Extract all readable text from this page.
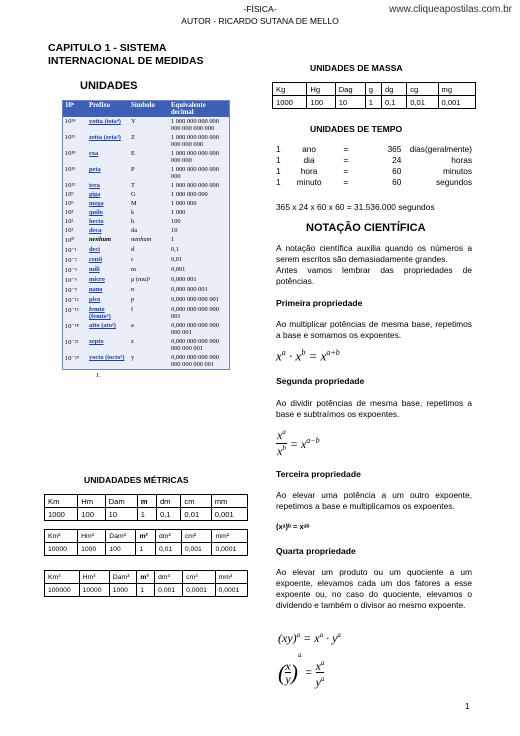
-FÍSICA-
AUTOR - RICARDO SUTANA DE MELLO
www.cliqueapostilas.com.br
CAPITULO 1 - SISTEMA
INTERNACIONAL DE MEDIDAS
UNIDADES
10ⁿ	Prefixo	Símbolo	Equivalente decimal
10²⁴	yotta (iota⁴)	Y	1 000 000 000 000 000 000 000 000
10²¹	zetta (zeta³)	Z	1 000 000 000 000 000 000 000
10¹⁸	exa	E	1 000 000 000 000 000 000
10¹⁵	peta	P	1 000 000 000 000 000
10¹²	tera	T	1 000 000 000 000
10⁹	giga	G	1 000 000 000
10⁶	mega	M	1 000 000
10³	quilo	k	1 000
10²	hecto	h	100
10¹	deca	da	10
10⁰	nenhum	nenhum	1
10⁻¹	deci	d	0,1
10⁻²	centi	c	0,01
10⁻³	mili	m	0,001
10⁻⁶	micro	μ (mu)¹	0,000 001
10⁻⁹	nano	n	0,000 000 001
10⁻¹²	pico	p	0,000 000 000 001
10⁻¹⁵	femto (femto²)	f	0,000 000 000 000 001
10⁻¹⁸	atto (ato²)	a	0,000 000 000 000 000 001
10⁻²¹	zepto	z	0,000 000 000 000 000 000 001
10⁻²⁴	yocto (iocto³)	y	0,000 000 000 000 000 000 000 001
1.
UNIDADADES MÉTRICAS
Km	Hm	Dam	m	dm	cm	mm
1000	100	10	1	0,1	0,01	0,001
Km²	Hm²	Dam²	m²	dm²	cm²	mm²
10000	1000	100	1	0,01	0,001	0,0001
Km³	Hm³	Dam³	m³	dm³	cm³	mm³
100000	10000	1000	1	0,001	0,0001	0,0001
UNIDADES DE MASSA
Kg	Hg	Dag	g	dg	cg	mg
1000	100	10	1	0,1	0,01	0,001
UNIDADES DE TEMPO
1	ano	=	365	dias	(geralmente)
1	dia	=	24		horas
1	hora	=	60		minutos
1	minuto	=	60		segundos
365 x 24 x 60 x 60 = 31.536.000 segundos
NOTAÇÃO CIENTÍFICA
A notação científica auxilia quando os números a serem escritos são demasiadamente grandes.
Antes vamos lembrar das propriedades de potências.
Primeira propriedade
Ao multiplicar potências de mesma base, repetimos a base e somamos os expoentes.
$x^a \cdot x^b = x^{a+b}$
Segunda propriedade
Ao dividir potências de mesma base, repetimos a base e subtraímos os expoentes.
$\frac{x^a}{x^b} = x^{a-b}$
Terceira propriedade
Ao elevar uma potência a um outro expoente, repetimos a base e multiplicamos os expoentes.
(xᵃ)ᵇ = xᵃᵇ
Quarta propriedade
Ao elevar um produto ou um quociente a um expoente, elevamos cada um dos fatores a esse expoente ou, no caso do quociente, elevamos o dividendo e também o divisor ao mesmo expoente.
$(xy)^a = x^a \cdot y^a$
( $\frac{x}{y} )^a = \frac{x^a}{y^a}$
1
